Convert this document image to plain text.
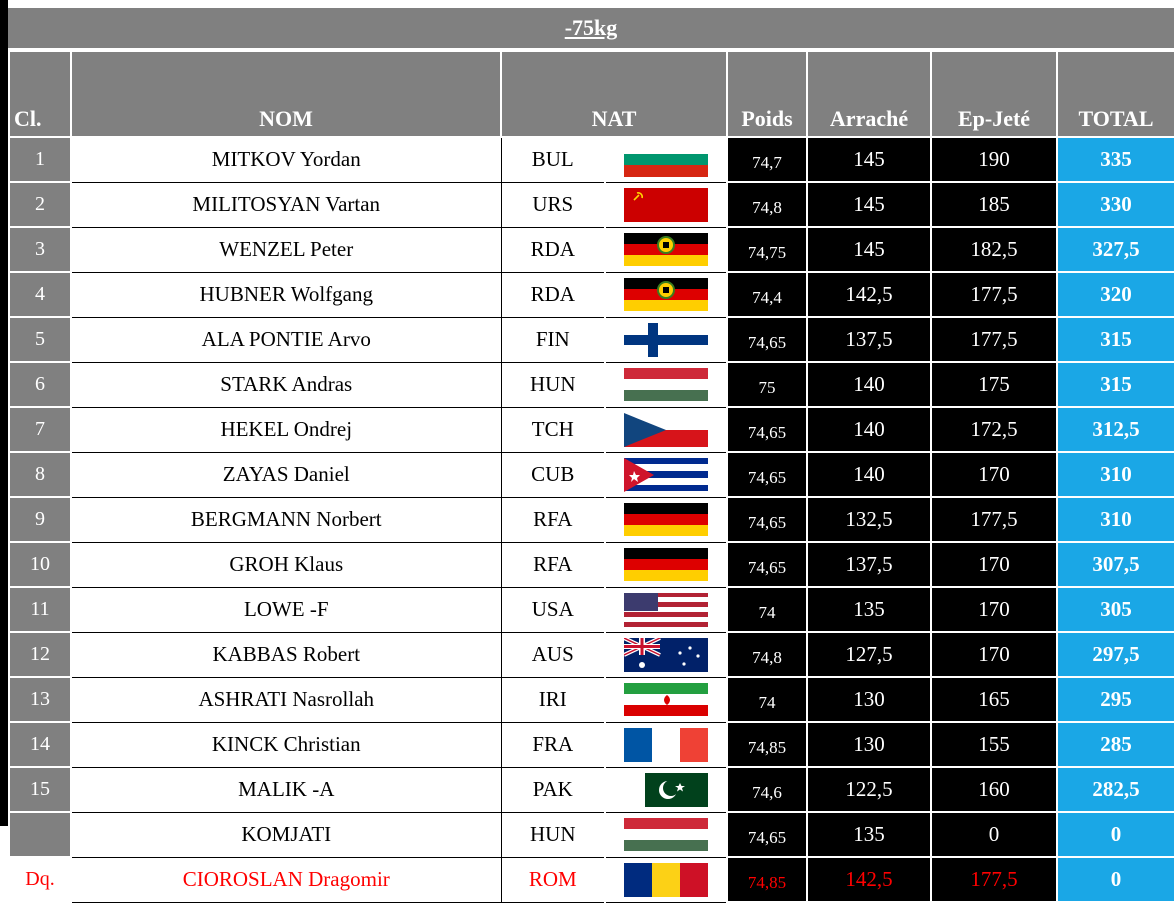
-75kg
Cl.	NOM	NAT		Poids	Arraché	Ep-Jeté	TOTAL
1	MITKOV Yordan	BUL		74,7	145	190	335
2	MILITOSYAN Vartan	URS		74,8	145	185	330
3	WENZEL Peter	RDA		74,75	145	182,5	327,5
4	HUBNER Wolfgang	RDA		74,4	142,5	177,5	320
5	ALA PONTIE Arvo	FIN		74,65	137,5	177,5	315
6	STARK Andras	HUN		75	140	175	315
7	HEKEL Ondrej	TCH		74,65	140	172,5	312,5
8	ZAYAS Daniel	CUB		74,65	140	170	310
9	BERGMANN Norbert	RFA		74,65	132,5	177,5	310
10	GROH Klaus	RFA		74,65	137,5	170	307,5
11	LOWE -F	USA		74	135	170	305
12	KABBAS Robert	AUS		74,8	127,5	170	297,5
13	ASHRATI Nasrollah	IRI		74	130	165	295
14	KINCK Christian	FRA		74,85	130	155	285
15	MALIK -A	PAK		74,6	122,5	160	282,5
	KOMJATI	HUN		74,65	135	0	0
Dq.	CIOROSLAN Dragomir	ROM		74,85	142,5	177,5	0
